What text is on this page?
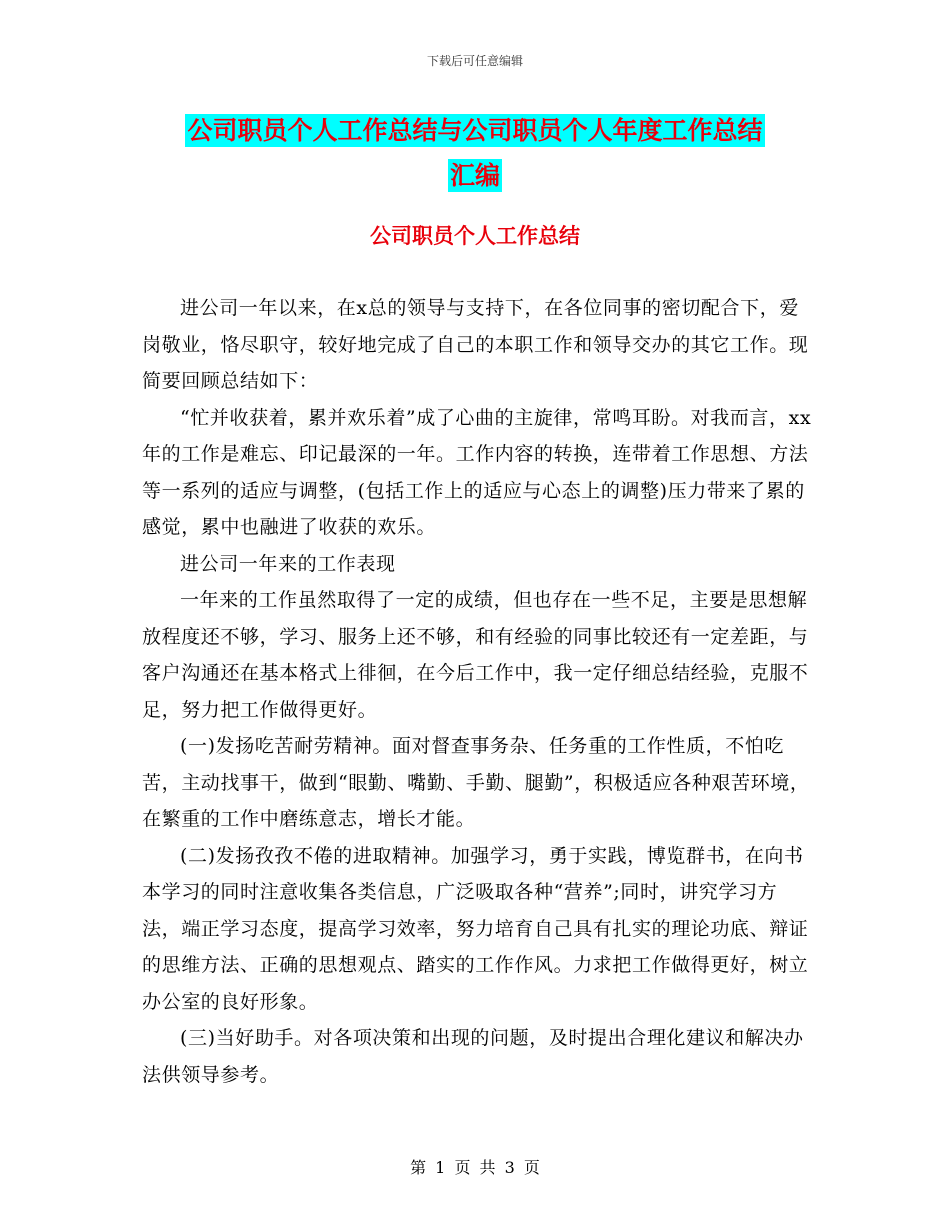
下载后可任意编辑
公司职员个人工作总结与公司职员个人年度工作总结
汇编
公司职员个人工作总结

进公司一年以来，在x总的领导与支持下，在各位同事的密切配合下，爱岗敬业，恪尽职守，较好地完成了自己的本职工作和领导交办的其它工作。现简要回顾总结如下：

“忙并收获着，累并欢乐着”成了心曲的主旋律，常鸣耳盼。对我而言，xx年的工作是难忘、印记最深的一年。工作内容的转换，连带着工作思想、方法等一系列的适应与调整，(包括工作上的适应与心态上的调整)压力带来了累的感觉，累中也融进了收获的欢乐。

进公司一年来的工作表现

一年来的工作虽然取得了一定的成绩，但也存在一些不足，主要是思想解放程度还不够，学习、服务上还不够，和有经验的同事比较还有一定差距，与客户沟通还在基本格式上徘徊，在今后工作中，我一定仔细总结经验，克服不足，努力把工作做得更好。

(一)发扬吃苦耐劳精神。面对督查事务杂、任务重的工作性质，不怕吃苦，主动找事干，做到“眼勤、嘴勤、手勤、腿勤”，积极适应各种艰苦环境，在繁重的工作中磨练意志，增长才能。

(二)发扬孜孜不倦的进取精神。加强学习，勇于实践，博览群书，在向书本学习的同时注意收集各类信息，广泛吸取各种“营养”;同时，讲究学习方法，端正学习态度，提高学习效率，努力培育自己具有扎实的理论功底、辩证的思维方法、正确的思想观点、踏实的工作作风。力求把工作做得更好，树立办公室的良好形象。

(三)当好助手。对各项决策和出现的问题，及时提出合理化建议和解决办法供领导参考。

第 1 页 共 3 页
